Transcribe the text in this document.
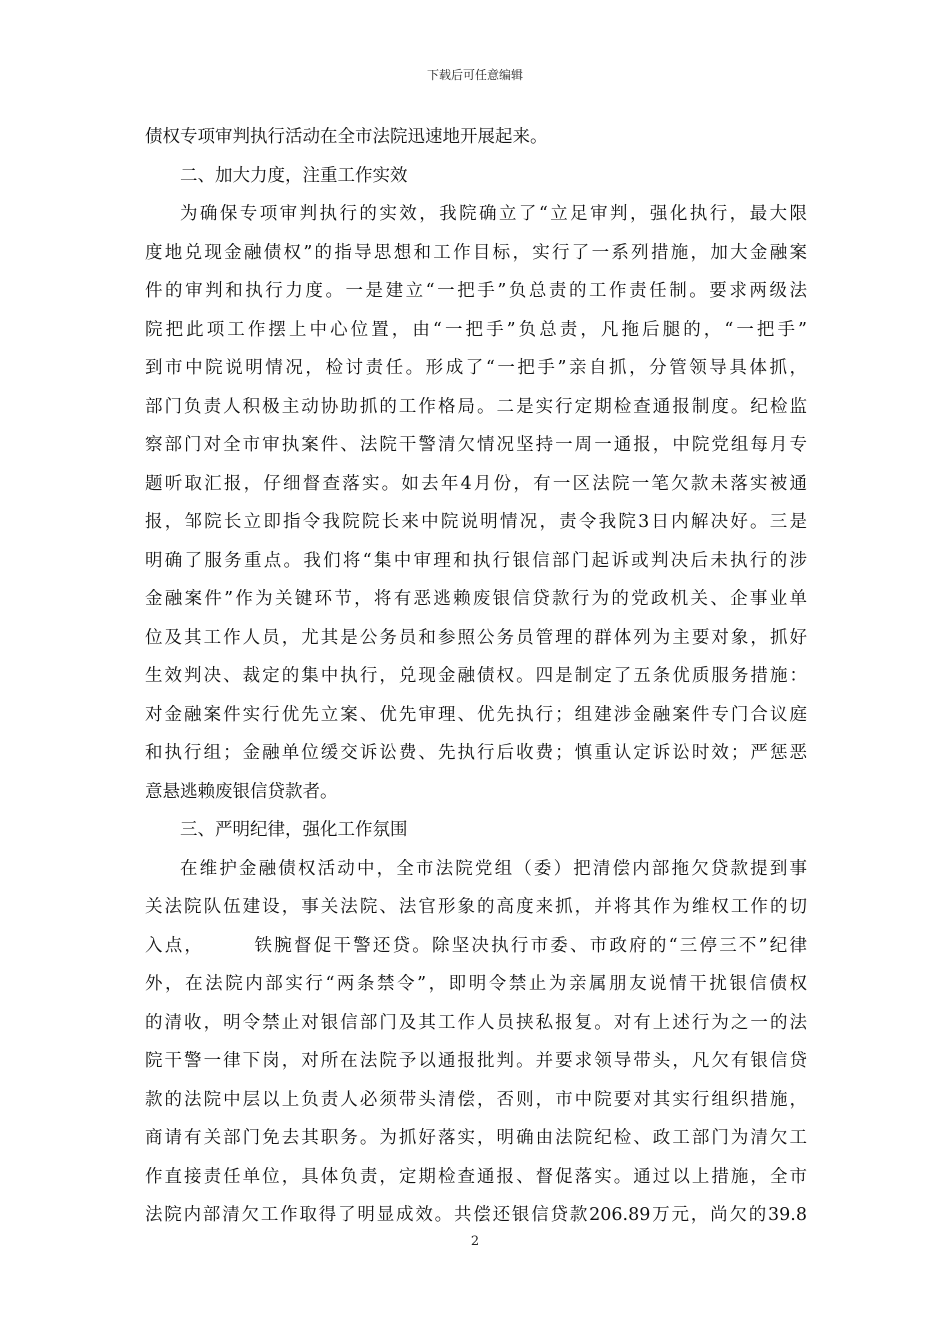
下载后可任意编辑
债权专项审判执行活动在全市法院迅速地开展起来。
二、加大力度，注重工作实效
为确保专项审判执行的实效，我院确立了“立足审判，强化执行，最大限
度地兑现金融债权”的指导思想和工作目标，实行了一系列措施，加大金融案
件的审判和执行力度。一是建立“一把手”负总责的工作责任制。要求两级法
院把此项工作摆上中心位置，由“一把手”负总责，凡拖后腿的，“一把手”
到市中院说明情况，检讨责任。形成了“一把手”亲自抓，分管领导具体抓，
部门负责人积极主动协助抓的工作格局。二是实行定期检查通报制度。纪检监
察部门对全市审执案件、法院干警清欠情况坚持一周一通报，中院党组每月专
题听取汇报，仔细督查落实。如去年4月份，有一区法院一笔欠款未落实被通
报，邹院长立即指令我院院长来中院说明情况，责令我院3日内解决好。三是
明确了服务重点。我们将“集中审理和执行银信部门起诉或判决后未执行的涉
金融案件”作为关键环节，将有恶逃赖废银信贷款行为的党政机关、企事业单
位及其工作人员，尤其是公务员和参照公务员管理的群体列为主要对象，抓好
生效判决、裁定的集中执行，兑现金融债权。四是制定了五条优质服务措施：
对金融案件实行优先立案、优先审理、优先执行；组建涉金融案件专门合议庭
和执行组；金融单位缓交诉讼费、先执行后收费；慎重认定诉讼时效；严惩恶
意悬逃赖废银信贷款者。
三、严明纪律，强化工作氛围
在维护金融债权活动中，全市法院党组（委）把清偿内部拖欠贷款提到事
关法院队伍建设，事关法院、法官形象的高度来抓，并将其作为维权工作的切
入点，　　　铁腕督促干警还贷。除坚决执行市委、市政府的“三停三不”纪律
外，在法院内部实行“两条禁令”，即明令禁止为亲属朋友说情干扰银信债权
的清收，明令禁止对银信部门及其工作人员挟私报复。对有上述行为之一的法
院干警一律下岗，对所在法院予以通报批判。并要求领导带头，凡欠有银信贷
款的法院中层以上负责人必须带头清偿，否则，市中院要对其实行组织措施，
商请有关部门免去其职务。为抓好落实，明确由法院纪检、政工部门为清欠工
作直接责任单位，具体负责，定期检查通报、督促落实。通过以上措施，全市
法院内部清欠工作取得了明显成效。共偿还银信贷款206.89万元，尚欠的39.8
2
